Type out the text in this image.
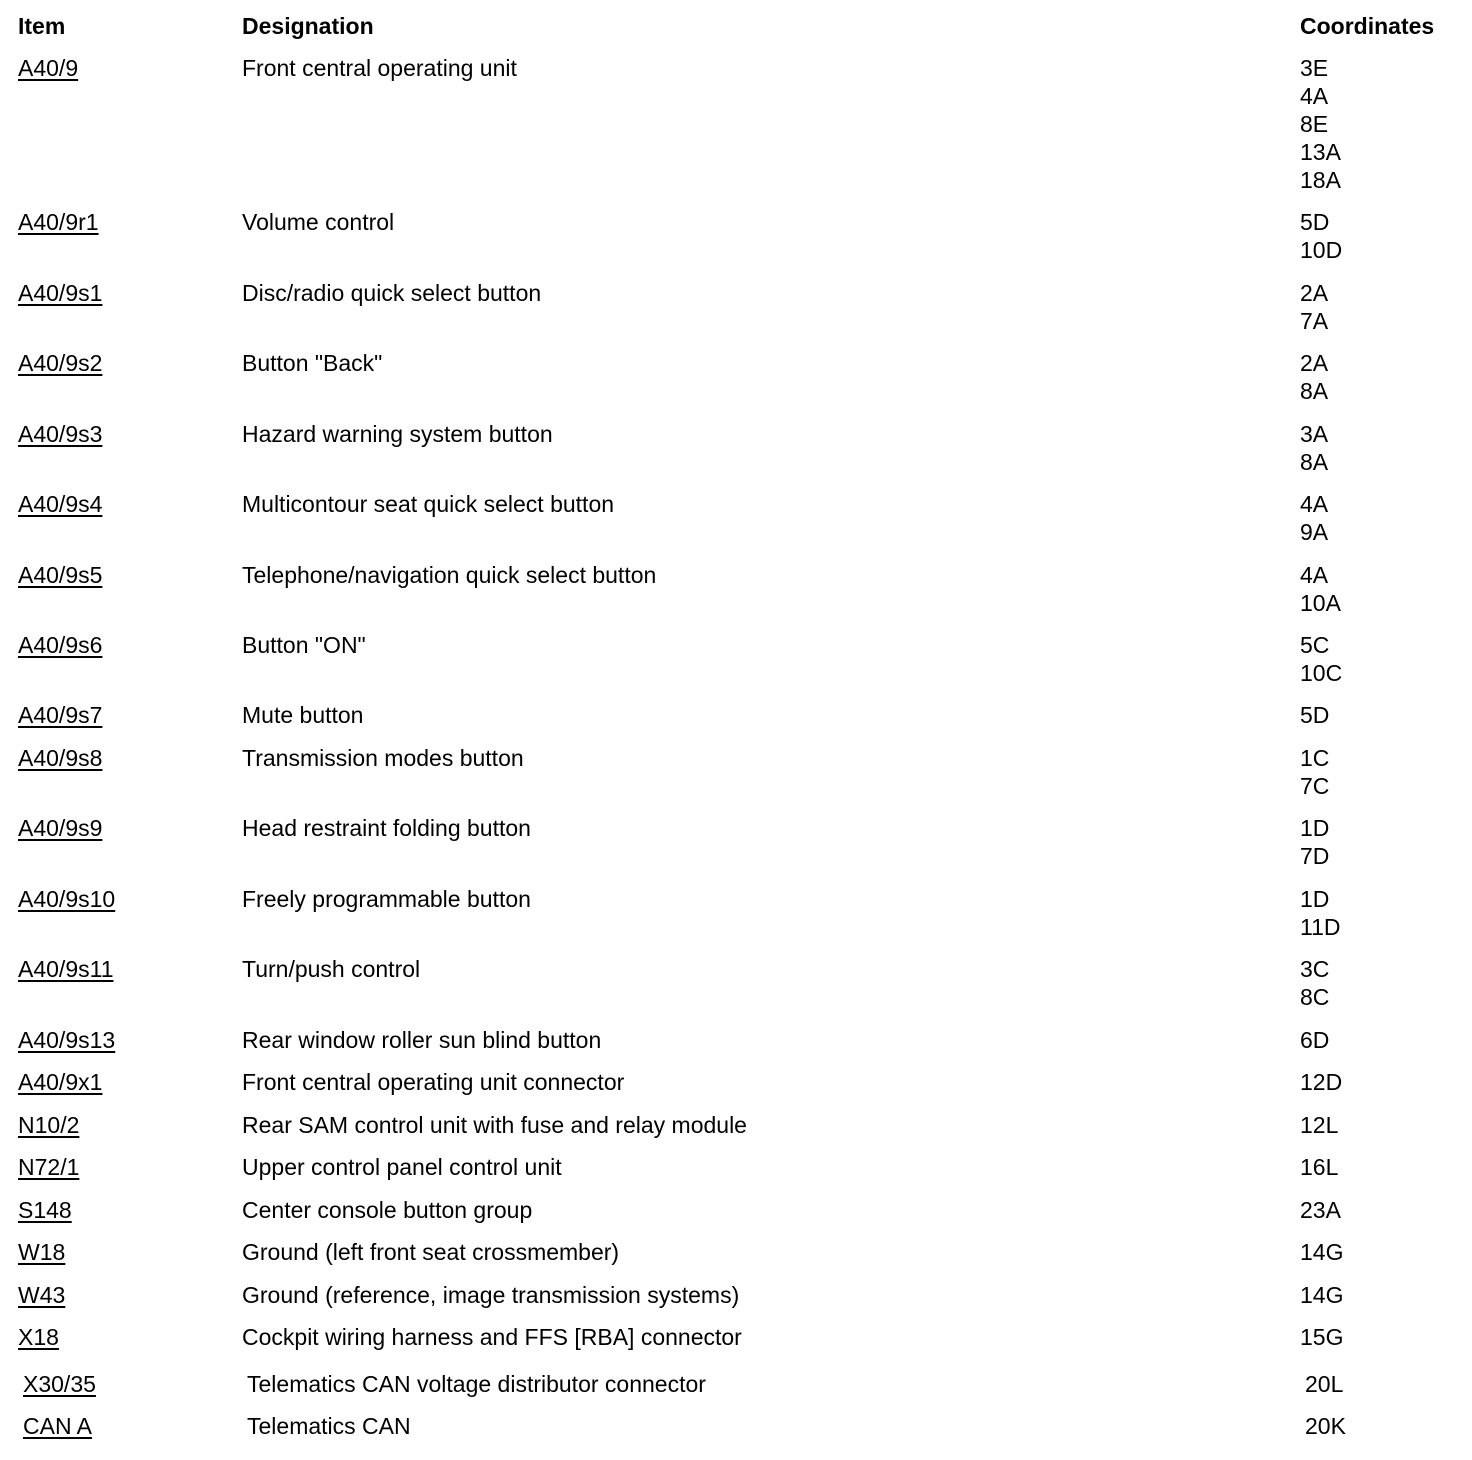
Item	Designation	Coordinates
A40/9	Front central operating unit	3E
4A
8E
13A
18A
A40/9r1	Volume control	5D
10D
A40/9s1	Disc/radio quick select button	2A
7A
A40/9s2	Button "Back"	2A
8A
A40/9s3	Hazard warning system button	3A
8A
A40/9s4	Multicontour seat quick select button	4A
9A
A40/9s5	Telephone/navigation quick select button	4A
10A
A40/9s6	Button "ON"	5C
10C
A40/9s7	Mute button	5D
A40/9s8	Transmission modes button	1C
7C
A40/9s9	Head restraint folding button	1D
7D
A40/9s10	Freely programmable button	1D
11D
A40/9s11	Turn/push control	3C
8C
A40/9s13	Rear window roller sun blind button	6D
A40/9x1	Front central operating unit connector	12D
N10/2	Rear SAM control unit with fuse and relay module	12L
N72/1	Upper control panel control unit	16L
S148	Center console button group	23A
W18	Ground (left front seat crossmember)	14G
W43	Ground (reference, image transmission systems)	14G
X18	Cockpit wiring harness and FFS [RBA] connector	15G
X30/35	Telematics CAN voltage distributor connector	20L
CAN A	Telematics CAN	20K
